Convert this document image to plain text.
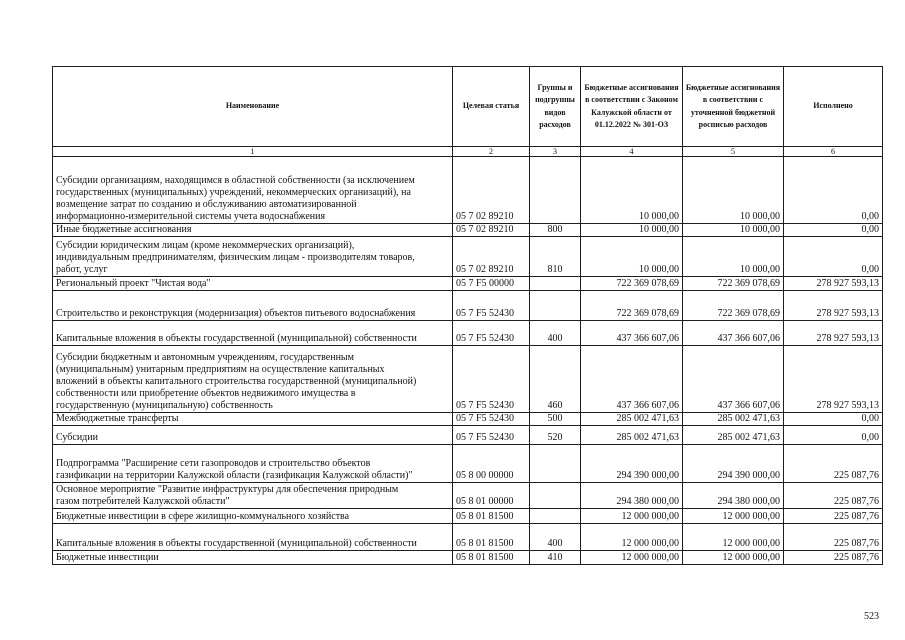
Наименование	Целевая статья	Группы и подгруппы видов расходов	Бюджетные ассигнования в соответствии с Законом Калужской области от 01.12.2022 № 301-ОЗ	Бюджетные ассигнования в соответствии с уточненной бюджетной росписью расходов	Исполнено
1	2	3	4	5	6
Субсидии организациям, находящимся в областной собственности (за исключением
государственных (муниципальных) учреждений, некоммерческих организаций), на
возмещение затрат по созданию и обслуживанию автоматизированной
информационно-измерительной системы учета водоснабжения	05 7 02 89210		10 000,00	10 000,00	0,00
Иные бюджетные ассигнования	05 7 02 89210	800	10 000,00	10 000,00	0,00
Субсидии юридическим лицам (кроме некоммерческих организаций),
индивидуальным предпринимателям, физическим лицам - производителям товаров,
работ, услуг	05 7 02 89210	810	10 000,00	10 000,00	0,00
Региональный проект "Чистая вода"	05 7 F5 00000		722 369 078,69	722 369 078,69	278 927 593,13
Строительство и реконструкция (модернизация) объектов питьевого водоснабжения	05 7 F5 52430		722 369 078,69	722 369 078,69	278 927 593,13
Капитальные вложения в объекты государственной (муниципальной) собственности	05 7 F5 52430	400	437 366 607,06	437 366 607,06	278 927 593,13
Субсидии бюджетным и автономным учреждениям, государственным
(муниципальным) унитарным предприятиям на осуществление капитальных
вложений в объекты капитального строительства государственной (муниципальной)
собственности или приобретение объектов недвижимого имущества в
государственную (муниципальную) собственность	05 7 F5 52430	460	437 366 607,06	437 366 607,06	278 927 593,13
Межбюджетные трансферты	05 7 F5 52430	500	285 002 471,63	285 002 471,63	0,00
Субсидии	05 7 F5 52430	520	285 002 471,63	285 002 471,63	0,00
Подпрограмма "Расширение сети газопроводов и строительство объектов
газификации на территории Калужской области (газификация Калужской области)"	05 8 00 00000		294 390 000,00	294 390 000,00	225 087,76
Основное мероприятие "Развитие инфраструктуры для обеспечения природным
газом потребителей Калужской области"	05 8 01 00000		294 380 000,00	294 380 000,00	225 087,76
Бюджетные инвестиции в сфере жилищно-коммунального хозяйства	05 8 01 81500		12 000 000,00	12 000 000,00	225 087,76
Капитальные вложения в объекты государственной (муниципальной) собственности	05 8 01 81500	400	12 000 000,00	12 000 000,00	225 087,76
Бюджетные инвестиции	05 8 01 81500	410	12 000 000,00	12 000 000,00	225 087,76
523
